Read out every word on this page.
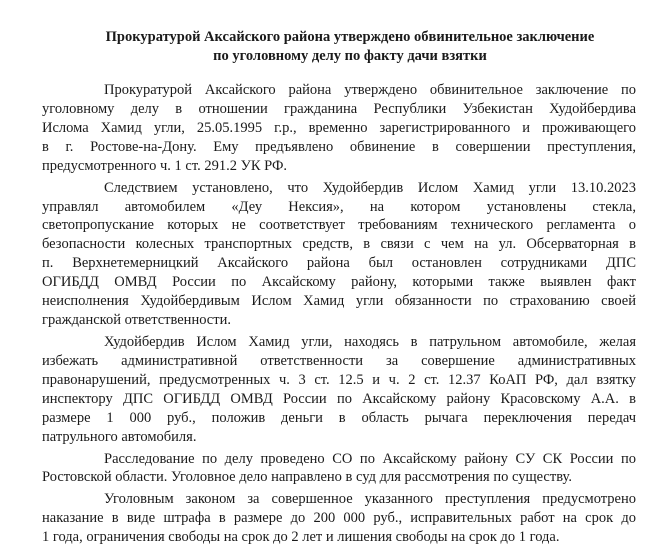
Прокуратурой Аксайского района утверждено обвинительное заключение
по уголовному делу по факту дачи взятки
Прокуратурой Аксайского района утверждено обвинительное заключение по
уголовному делу в отношении гражданина Республики Узбекистан Худойбердива
Ислома Хамид угли, 25.05.1995 г.р., временно зарегистрированного и проживающего
в г. Ростове-на-Дону. Ему предъявлено обвинение в совершении преступления,
предусмотренного ч. 1 ст. 291.2 УК РФ.
Следствием установлено, что Худойбердив Ислом Хамид угли 13.10.2023
управлял автомобилем «Деу Нексия», на котором установлены стекла,
светопропускание которых не соответствует требованиям технического регламента о
безопасности колесных транспортных средств, в связи с чем на ул. Обсерваторная в
п. Верхнетемерницкий Аксайского района был остановлен сотрудниками ДПС
ОГИБДД ОМВД России по Аксайскому району, которыми также выявлен факт
неисполнения Худойбердивым Ислом Хамид угли обязанности по страхованию своей
гражданской ответственности.
Худойбердив Ислом Хамид угли, находясь в патрульном автомобиле, желая
избежать административной ответственности за совершение административных
правонарушений, предусмотренных ч. 3 ст. 12.5 и ч. 2 ст. 12.37 КоАП РФ, дал взятку
инспектору ДПС ОГИБДД ОМВД России по Аксайскому району Красовскому А.А. в
размере 1 000 руб., положив деньги в область рычага переключения передач
патрульного автомобиля.
Расследование по делу проведено СО по Аксайскому району СУ СК России по
Ростовской области. Уголовное дело направлено в суд для рассмотрения по существу.
Уголовным законом за совершенное указанного преступления предусмотрено
наказание в виде штрафа в размере до 200 000 руб., исправительных работ на срок до
1 года, ограничения свободы на срок до 2 лет и лишения свободы на срок до 1 года.
